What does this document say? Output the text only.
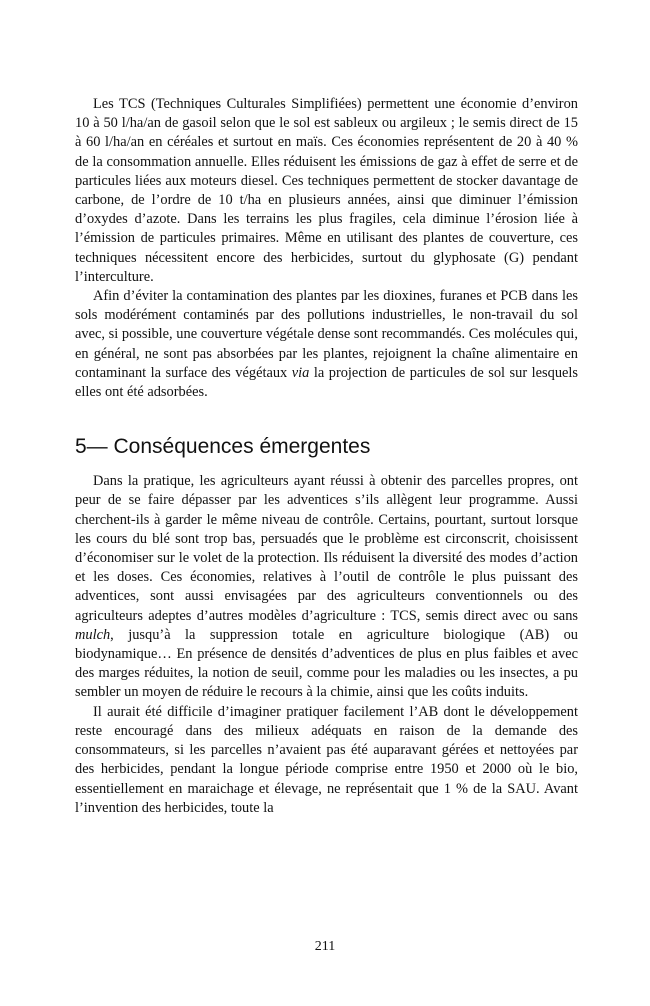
Les TCS (Techniques Culturales Simplifiées) permettent une économie d’environ 10 à 50 l/ha/an de gasoil selon que le sol est sableux ou argileux ; le semis direct de 15 à 60 l/ha/an en céréales et surtout en maïs. Ces économies représentent de 20 à 40 % de la consommation annuelle. Elles réduisent les émissions de gaz à effet de serre et de particules liées aux moteurs diesel. Ces techniques permettent de stocker davantage de carbone, de l’ordre de 10 t/ha en plusieurs années, ainsi que diminuer l’émission d’oxydes d’azote. Dans les terrains les plus fragiles, cela diminue l’érosion liée à l’émission de particules primaires. Même en utilisant des plantes de couverture, ces techniques nécessitent encore des herbicides, surtout du glyphosate (G) pendant l’interculture.

Afin d’éviter la contamination des plantes par les dioxines, furanes et PCB dans les sols modérément contaminés par des pollutions industrielles, le non-travail du sol avec, si possible, une couverture végétale dense sont recommandés. Ces molécules qui, en général, ne sont pas absorbées par les plantes, rejoignent la chaîne alimentaire en contaminant la surface des végétaux via la projection de particules de sol sur lesquels elles ont été adsorbées.

5— Conséquences émergentes

Dans la pratique, les agriculteurs ayant réussi à obtenir des parcelles propres, ont peur de se faire dépasser par les adventices s’ils allègent leur programme. Aussi cherchent-ils à garder le même niveau de contrôle. Certains, pourtant, surtout lorsque les cours du blé sont trop bas, persuadés que le problème est circonscrit, choisissent d’économiser sur le volet de la protection. Ils réduisent la diversité des modes d’action et les doses. Ces économies, relatives à l’outil de contrôle le plus puissant des adventices, sont aussi envisagées par des agriculteurs conventionnels ou des agriculteurs adeptes d’autres modèles d’agriculture : TCS, semis direct avec ou sans mulch, jusqu’à la suppression totale en agriculture biologique (AB) ou biodynamique… En présence de densités d’adventices de plus en plus faibles et avec des marges réduites, la notion de seuil, comme pour les maladies ou les insectes, a pu sembler un moyen de réduire le recours à la chimie, ainsi que les coûts induits.

Il aurait été difficile d’imaginer pratiquer facilement l’AB dont le développement reste encouragé dans des milieux adéquats en raison de la demande des consommateurs, si les parcelles n’avaient pas été auparavant gérées et nettoyées par des herbicides, pendant la longue période comprise entre 1950 et 2000 où le bio, essentiellement en maraichage et élevage, ne représentait que 1 % de la SAU. Avant l’invention des herbicides, toute la

211
